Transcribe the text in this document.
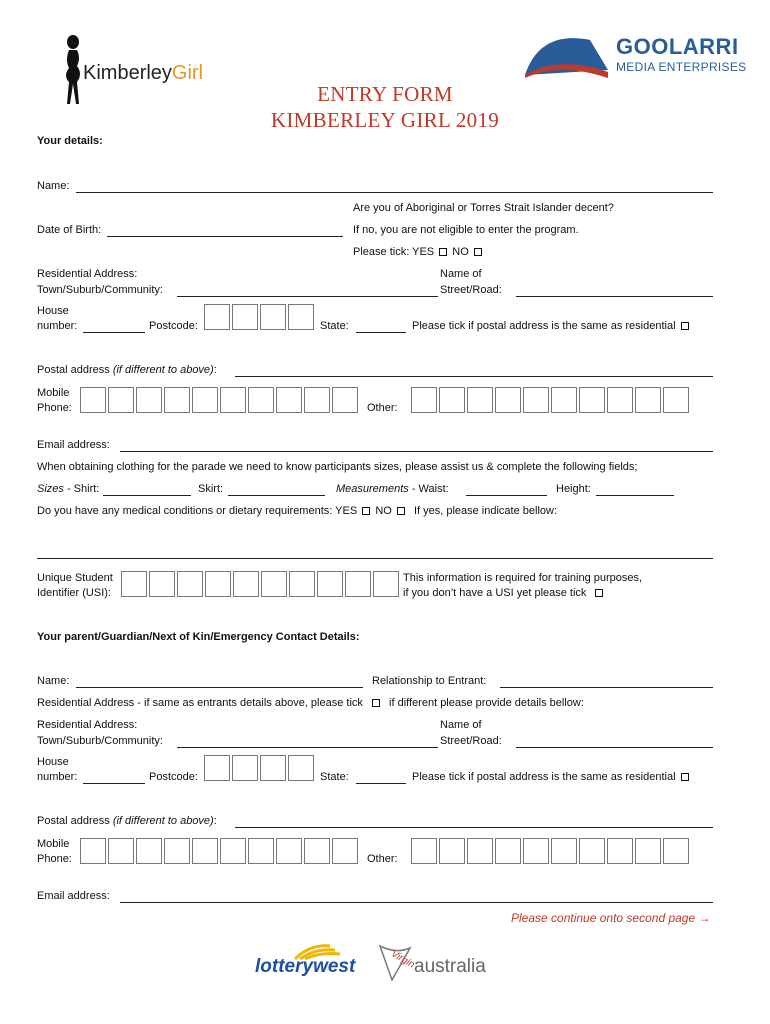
KimberleyGirl
GOOLARRI
MEDIA ENTERPRISES
ENTRY FORM
KIMBERLEY GIRL 2019
Your details:
Name:
Are you of Aboriginal or Torres Strait Islander decent?
Date of Birth:	If no, you are not eligible to enter the program.
Please tick: YES NO
Residential Address:
Town/Suburb/Community:
Name of
Street/Road:
House
number:	Postcode:	State:	Please tick if postal address is the same as residential
Postal address (if different to above):
Mobile
Phone:	Other:
Email address:
When obtaining clothing for the parade we need to know participants sizes, please assist us & complete the following fields;
Sizes - Shirt:	Skirt:	Measurements - Waist:	Height:
Do you have any medical conditions or dietary requirements: YES NO If yes, please indicate bellow:
Unique Student
Identifier (USI):
This information is required for training purposes,
if you don’t have a USI yet please tick
Your parent/Guardian/Next of Kin/Emergency Contact Details:
Name:	Relationship to Entrant:
Residential Address - if same as entrants details above, please tick if different please provide details bellow:
Residential Address:
Town/Suburb/Community:
Name of
Street/Road:
House
number:	Postcode:	State:	Please tick if postal address is the same as residential
Postal address (if different to above):
Mobile
Phone:	Other:
Email address:
Please continue onto second page →
lotterywest	Virgin
australia
